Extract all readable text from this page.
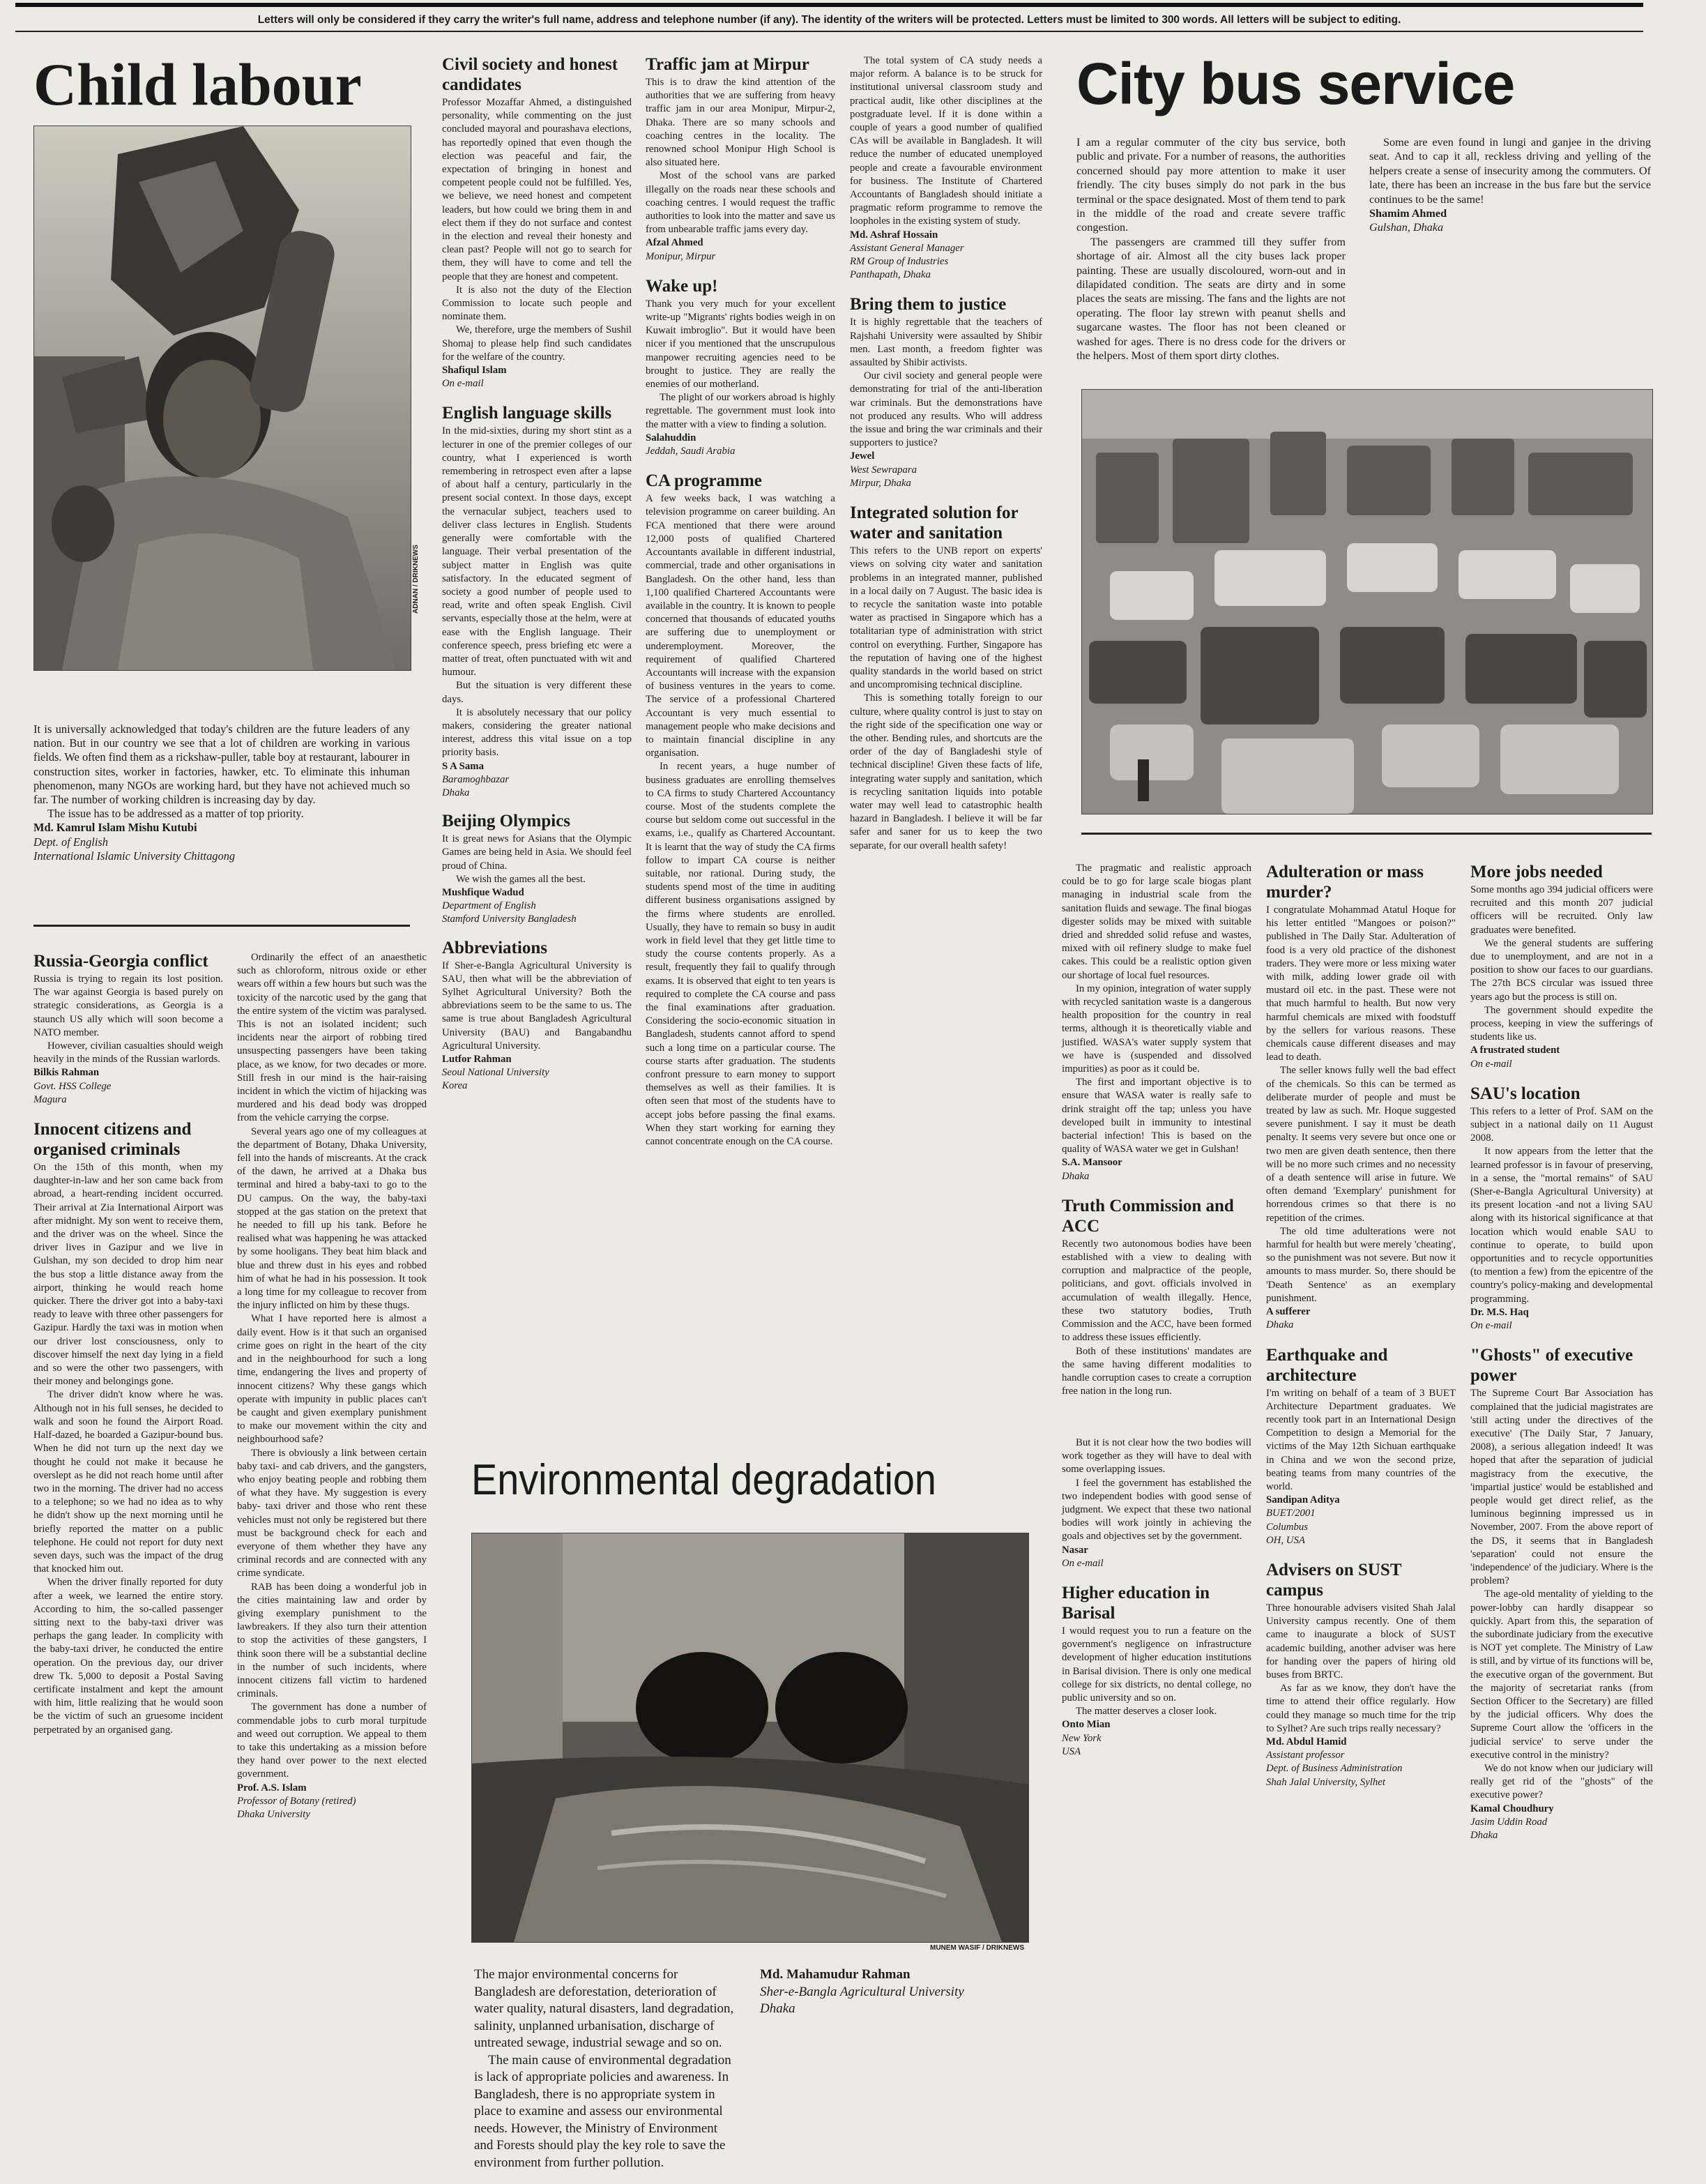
Letters will only be considered if they carry the writer's full name, address and telephone number (if any). The identity of the writers will be protected. Letters must be limited to 300 words. All letters will be subject to editing.
Child labour
ADNAN / DRIKNEWS

It is universally acknowledged that today's children are the future leaders of any nation. But in our country we see that a lot of children are working in various fields. We often find them as a rickshaw-puller, table boy at restaurant, labourer in construction sites, worker in factories, hawker, etc. To eliminate this inhuman phenomenon, many NGOs are working hard, but they have not achieved much so far. The number of working children is increasing day by day.

The issue has to be addressed as a matter of top priority.

Md. Kamrul Islam Mishu Kutubi

Dept. of English

International Islamic University Chittagong

Civil society and honest candidates

Professor Mozaffar Ahmed, a distinguished personality, while commenting on the just concluded mayoral and pourashava elections, has reportedly opined that even though the election was peaceful and fair, the expectation of bringing in honest and competent people could not be fulfilled. Yes, we believe, we need honest and competent leaders, but how could we bring them in and elect them if they do not surface and contest in the election and reveal their honesty and clean past? People will not go to search for them, they will have to come and tell the people that they are honest and competent.

It is also not the duty of the Election Commission to locate such people and nominate them.

We, therefore, urge the members of Sushil Shomaj to please help find such candidates for the welfare of the country.

Shafiqul Islam

On e-mail

English language skills

In the mid-sixties, during my short stint as a lecturer in one of the premier colleges of our country, what I experienced is worth remembering in retrospect even after a lapse of about half a century, particularly in the present social context. In those days, except the vernacular subject, teachers used to deliver class lectures in English. Students generally were comfortable with the language. Their verbal presentation of the subject matter in English was quite satisfactory. In the educated segment of society a good number of people used to read, write and often speak English. Civil servants, especially those at the helm, were at ease with the English language. Their conference speech, press briefing etc were a matter of treat, often punctuated with wit and humour.

But the situation is very different these days.

It is absolutely necessary that our policy makers, considering the greater national interest, address this vital issue on a top priority basis.

S A Sama

Baramoghbazar

Dhaka

Beijing Olympics

It is great news for Asians that the Olympic Games are being held in Asia. We should feel proud of China.

We wish the games all the best.

Mushfique Wadud

Department of English

Stamford University Bangladesh

Abbreviations

If Sher-e-Bangla Agricultural University is SAU, then what will be the abbreviation of Sylhet Agricultural University? Both the abbreviations seem to be the same to us. The same is true about Bangladesh Agricultural University (BAU) and Bangabandhu Agricultural University.

Lutfor Rahman

Seoul National University

Korea

Traffic jam at Mirpur

This is to draw the kind attention of the authorities that we are suffering from heavy traffic jam in our area Monipur, Mirpur-2, Dhaka. There are so many schools and coaching centres in the locality. The renowned school Monipur High School is also situated here.

Most of the school vans are parked illegally on the roads near these schools and coaching centres. I would request the traffic authorities to look into the matter and save us from unbearable traffic jams every day.

Afzal Ahmed

Monipur, Mirpur

Wake up!

Thank you very much for your excellent write-up "Migrants' rights bodies weigh in on Kuwait imbroglio". But it would have been nicer if you mentioned that the unscrupulous manpower recruiting agencies need to be brought to justice. They are really the enemies of our motherland.

The plight of our workers abroad is highly regrettable. The government must look into the matter with a view to finding a solution.

Salahuddin

Jeddah, Saudi Arabia

CA programme

A few weeks back, I was watching a television programme on career building. An FCA mentioned that there were around 12,000 posts of qualified Chartered Accountants available in different industrial, commercial, trade and other organisations in Bangladesh. On the other hand, less than 1,100 qualified Chartered Accountants were available in the country. It is known to people concerned that thousands of educated youths are suffering due to unemployment or underemployment. Moreover, the requirement of qualified Chartered Accountants will increase with the expansion of business ventures in the years to come. The service of a professional Chartered Accountant is very much essential to management people who make decisions and to maintain financial discipline in any organisation.

In recent years, a huge number of business graduates are enrolling themselves to CA firms to study Chartered Accountancy course. Most of the students complete the course but seldom come out successful in the exams, i.e., qualify as Chartered Accountant. It is learnt that the way of study the CA firms follow to impart CA course is neither suitable, nor rational. During study, the students spend most of the time in auditing different business organisations assigned by the firms where students are enrolled. Usually, they have to remain so busy in audit work in field level that they get little time to study the course contents properly. As a result, frequently they fail to qualify through exams. It is observed that eight to ten years is required to complete the CA course and pass the final examinations after graduation. Considering the socio-economic situation in Bangladesh, students cannot afford to spend such a long time on a particular course. The course starts after graduation. The students confront pressure to earn money to support themselves as well as their families. It is often seen that most of the students have to accept jobs before passing the final exams. When they start working for earning they cannot concentrate enough on the CA course.

The total system of CA study needs a major reform. A balance is to be struck for institutional universal classroom study and practical audit, like other disciplines at the postgraduate level. If it is done within a couple of years a good number of qualified CAs will be available in Bangladesh. It will reduce the number of educated unemployed people and create a favourable environment for business. The Institute of Chartered Accountants of Bangladesh should initiate a pragmatic reform programme to remove the loopholes in the existing system of study.

Md. Ashraf Hossain

Assistant General Manager

RM Group of Industries

Panthapath, Dhaka

Bring them to justice

It is highly regrettable that the teachers of Rajshahi University were assaulted by Shibir men. Last month, a freedom fighter was assaulted by Shibir activists.

Our civil society and general people were demonstrating for trial of the anti-liberation war criminals. But the demonstrations have not produced any results. Who will address the issue and bring the war criminals and their supporters to justice?

Jewel

West Sewrapara

Mirpur, Dhaka

Integrated solution for water and sanitation

This refers to the UNB report on experts' views on solving city water and sanitation problems in an integrated manner, published in a local daily on 7 August. The basic idea is to recycle the sanitation waste into potable water as practised in Singapore which has a totalitarian type of administration with strict control on everything. Further, Singapore has the reputation of having one of the highest quality standards in the world based on strict and uncompromising technical discipline.

This is something totally foreign to our culture, where quality control is just to stay on the right side of the specification one way or the other. Bending rules, and shortcuts are the order of the day of Bangladeshi style of technical discipline! Given these facts of life, integrating water supply and sanitation, which is recycling sanitation liquids into potable water may well lead to catastrophic health hazard in Bangladesh. I believe it will be far safer and saner for us to keep the two separate, for our overall health safety!

City bus service

I am a regular commuter of the city bus service, both public and private. For a number of reasons, the authorities concerned should pay more attention to make it user friendly. The city buses simply do not park in the bus terminal or the space designated. Most of them tend to park in the middle of the road and create severe traffic congestion.

The passengers are crammed till they suffer from shortage of air. Almost all the city buses lack proper painting. These are usually discoloured, worn-out and in dilapidated condition. The seats are dirty and in some places the seats are missing. The fans and the lights are not operating. The floor lay strewn with peanut shells and sugarcane wastes. The floor has not been cleaned or washed for ages. There is no dress code for the drivers or the helpers. Most of them sport dirty clothes.

Some are even found in lungi and ganjee in the driving seat. And to cap it all, reckless driving and yelling of the helpers create a sense of insecurity among the commuters. Of late, there has been an increase in the bus fare but the service continues to be the same!

Shamim Ahmed

Gulshan, Dhaka

Russia-Georgia conflict

Russia is trying to regain its lost position. The war against Georgia is based purely on strategic considerations, as Georgia is a staunch US ally which will soon become a NATO member.

However, civilian casualties should weigh heavily in the minds of the Russian warlords.

Bilkis Rahman

Govt. HSS College

Magura

Innocent citizens and organised criminals

On the 15th of this month, when my daughter-in-law and her son came back from abroad, a heart-rending incident occurred. Their arrival at Zia International Airport was after midnight. My son went to receive them, and the driver was on the wheel. Since the driver lives in Gazipur and we live in Gulshan, my son decided to drop him near the bus stop a little distance away from the airport, thinking he would reach home quicker. There the driver got into a baby-taxi ready to leave with three other passengers for Gazipur. Hardly the taxi was in motion when our driver lost consciousness, only to discover himself the next day lying in a field and so were the other two passengers, with their money and belongings gone.

The driver didn't know where he was. Although not in his full senses, he decided to walk and soon he found the Airport Road. Half-dazed, he boarded a Gazipur-bound bus. When he did not turn up the next day we thought he could not make it because he overslept as he did not reach home until after two in the morning. The driver had no access to a telephone; so we had no idea as to why he didn't show up the next morning until he briefly reported the matter on a public telephone. He could not report for duty next seven days, such was the impact of the drug that knocked him out.

When the driver finally reported for duty after a week, we learned the entire story. According to him, the so-called passenger sitting next to the baby-taxi driver was perhaps the gang leader. In complicity with the baby-taxi driver, he conducted the entire operation. On the previous day, our driver drew Tk. 5,000 to deposit a Postal Saving certificate instalment and kept the amount with him, little realizing that he would soon be the victim of such an gruesome incident perpetrated by an organised gang.

Ordinarily the effect of an anaesthetic such as chloroform, nitrous oxide or ether wears off within a few hours but such was the toxicity of the narcotic used by the gang that the entire system of the victim was paralysed. This is not an isolated incident; such incidents near the airport of robbing tired unsuspecting passengers have been taking place, as we know, for two decades or more. Still fresh in our mind is the hair-raising incident in which the victim of hijacking was murdered and his dead body was dropped from the vehicle carrying the corpse.

Several years ago one of my colleagues at the department of Botany, Dhaka University, fell into the hands of miscreants. At the crack of the dawn, he arrived at a Dhaka bus terminal and hired a baby-taxi to go to the DU campus. On the way, the baby-taxi stopped at the gas station on the pretext that he needed to fill up his tank. Before he realised what was happening he was attacked by some hooligans. They beat him black and blue and threw dust in his eyes and robbed him of what he had in his possession. It took a long time for my colleague to recover from the injury inflicted on him by these thugs.

What I have reported here is almost a daily event. How is it that such an organised crime goes on right in the heart of the city and in the neighbourhood for such a long time, endangering the lives and property of innocent citizens? Why these gangs which operate with impunity in public places can't be caught and given exemplary punishment to make our movement within the city and neighbourhood safe?

There is obviously a link between certain baby taxi- and cab drivers, and the gangsters, who enjoy beating people and robbing them of what they have. My suggestion is every baby- taxi driver and those who rent these vehicles must not only be registered but there must be background check for each and everyone of them whether they have any criminal records and are connected with any crime syndicate.

RAB has been doing a wonderful job in the cities maintaining law and order by giving exemplary punishment to the lawbreakers. If they also turn their attention to stop the activities of these gangsters, I think soon there will be a substantial decline in the number of such incidents, where innocent citizens fall victim to hardened criminals.

The government has done a number of commendable jobs to curb moral turpitude and weed out corruption. We appeal to them to take this undertaking as a mission before they hand over power to the next elected government.

Prof. A.S. Islam

Professor of Botany (retired)

Dhaka University

The pragmatic and realistic approach could be to go for large scale biogas plant managing in industrial scale from the sanitation fluids and sewage. The final biogas digester solids may be mixed with suitable dried and shredded solid refuse and wastes, mixed with oil refinery sludge to make fuel cakes. This could be a realistic option given our shortage of local fuel resources.

In my opinion, integration of water supply with recycled sanitation waste is a dangerous health proposition for the country in real terms, although it is theoretically viable and justified. WASA's water supply system that we have is (suspended and dissolved impurities) as poor as it could be.

The first and important objective is to ensure that WASA water is really safe to drink straight off the tap; unless you have developed built in immunity to intestinal bacterial infection! This is based on the quality of WASA water we get in Gulshan!

S.A. Mansoor

Dhaka

Truth Commission and ACC

Recently two autonomous bodies have been established with a view to dealing with corruption and malpractice of the people, politicians, and govt. officials involved in accumulation of wealth illegally. Hence, these two statutory bodies, Truth Commission and the ACC, have been formed to address these issues efficiently.

Both of these institutions' mandates are the same having different modalities to handle corruption cases to create a corruption free nation in the long run.

But it is not clear how the two bodies will work together as they will have to deal with some overlapping issues.

I feel the government has established the two independent bodies with good sense of judgment. We expect that these two national bodies will work jointly in achieving the goals and objectives set by the government.

Nasar

On e-mail

Higher education in Barisal

I would request you to run a feature on the government's negligence on infrastructure development of higher education institutions in Barisal division. There is only one medical college for six districts, no dental college, no public university and so on.

The matter deserves a closer look.

Onto Mian

New York

USA

Adulteration or mass murder?

I congratulate Mohammad Atatul Hoque for his letter entitled "Mangoes or poison?" published in The Daily Star. Adulteration of food is a very old practice of the dishonest traders. They were more or less mixing water with milk, adding lower grade oil with mustard oil etc. in the past. These were not that much harmful to health. But now very harmful chemicals are mixed with foodstuff by the sellers for various reasons. These chemicals cause different diseases and may lead to death.

The seller knows fully well the bad effect of the chemicals. So this can be termed as deliberate murder of people and must be treated by law as such. Mr. Hoque suggested severe punishment. I say it must be death penalty. It seems very severe but once one or two men are given death sentence, then there will be no more such crimes and no necessity of a death sentence will arise in future. We often demand 'Exemplary' punishment for horrendous crimes so that there is no repetition of the crimes.

The old time adulterations were not harmful for health but were merely 'cheating', so the punishment was not severe. But now it amounts to mass murder. So, there should be 'Death Sentence' as an exemplary punishment.

A sufferer

Dhaka

Earthquake and architecture

I'm writing on behalf of a team of 3 BUET Architecture Department graduates. We recently took part in an International Design Competition to design a Memorial for the victims of the May 12th Sichuan earthquake in China and we won the second prize, beating teams from many countries of the world.

Sandipan Aditya

BUET/2001

Columbus

OH, USA

Advisers on SUST campus

Three honourable advisers visited Shah Jalal University campus recently. One of them came to inaugurate a block of SUST academic building, another adviser was here for handing over the papers of hiring old buses from BRTC.

As far as we know, they don't have the time to attend their office regularly. How could they manage so much time for the trip to Sylhet? Are such trips really necessary?

Md. Abdul Hamid

Assistant professor

Dept. of Business Administration

Shah Jalal University, Sylhet

More jobs needed

Some months ago 394 judicial officers were recruited and this month 207 judicial officers will be recruited. Only law graduates were benefited.

We the general students are suffering due to unemployment, and are not in a position to show our faces to our guardians. The 27th BCS circular was issued three years ago but the process is still on.

The government should expedite the process, keeping in view the sufferings of students like us.

A frustrated student

On e-mail

SAU's location

This refers to a letter of Prof. SAM on the subject in a national daily on 11 August 2008.

It now appears from the letter that the learned professor is in favour of preserving, in a sense, the "mortal remains" of SAU (Sher-e-Bangla Agricultural University) at its present location -and not a living SAU along with its historical significance at that location which would enable SAU to continue to operate, to build upon opportunities and to recycle opportunities (to mention a few) from the epicentre of the country's policy-making and developmental programming.

Dr. M.S. Haq

On e-mail

"Ghosts" of executive power

The Supreme Court Bar Association has complained that the judicial magistrates are 'still acting under the directives of the executive' (The Daily Star, 7 January, 2008), a serious allegation indeed! It was hoped that after the separation of judicial magistracy from the executive, the 'impartial justice' would be established and people would get direct relief, as the luminous beginning impressed us in November, 2007. From the above report of the DS, it seems that in Bangladesh 'separation' could not ensure the 'independence' of the judiciary. Where is the problem?

The age-old mentality of yielding to the power-lobby can hardly disappear so quickly. Apart from this, the separation of the subordinate judiciary from the executive is NOT yet complete. The Ministry of Law is still, and by virtue of its functions will be, the executive organ of the government. But the majority of secretariat ranks (from Section Officer to the Secretary) are filled by the judicial officers. Why does the Supreme Court allow the 'officers in the judicial service' to serve under the executive control in the ministry?

We do not know when our judiciary will really get rid of the "ghosts" of the executive power?

Kamal Choudhury

Jasim Uddin Road

Dhaka

Environmental degradation
MUNEM WASIF / DRIKNEWS

The major environmental concerns for Bangladesh are deforestation, deterioration of water quality, natural disasters, land degradation, salinity, unplanned urbanisation, discharge of untreated sewage, industrial sewage and so on.

The main cause of environmental degradation is lack of appropriate policies and awareness. In Bangladesh, there is no appropriate system in place to examine and assess our environmental needs. However, the Ministry of Environment and Forests should play the key role to save the environment from further pollution.

Md. Mahamudur Rahman

Sher-e-Bangla Agricultural University

Dhaka
